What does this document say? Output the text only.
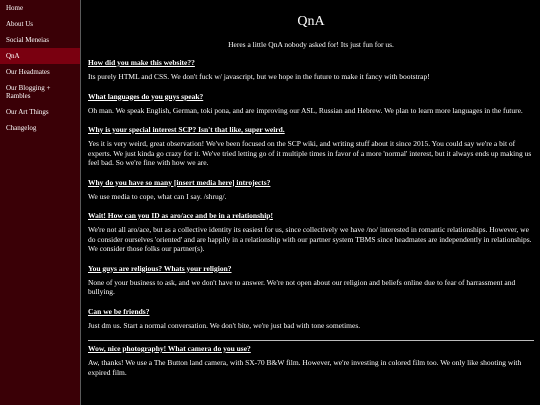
Home
About Us
Social Meneias
QnA
Our Headmates
Our Blogging + Rambles
Our Art Things
Changelog
QnA

Heres a little QnA nobody asked for! Its just fun for us.

How did you make this website??

Its purely HTML and CSS. We don't fuck w/ javascript, but we hope in the future to make it fancy with bootstrap!

What languages do you guys speak?

Oh man. We speak English, German, toki pona, and are improving our ASL, Russian and Hebrew. We plan to learn more languages in the future.

Why is your special interest SCP? Isn't that like, super weird.

Yes it is very weird, great observation! We've been focused on the SCP wiki, and writing stuff about it since 2015. You could say we're a bit of experts. We just kinda go crazy for it. We've tried letting go of it multiple times in favor of a more 'normal' interest, but it always ends up making us feel bad. So we're fine with how we are.

Why do you have so many [insert media here] introjects?

We use media to cope, what can I say. /shrug/.

Wait! How can you ID as aro/ace and be in a relationship!

We're not all aro/ace, but as a collective identity its easiest for us, since collectively we have /no/ interested in romantic relationships. However, we do consider ourselves 'oriented' and are happily in a relationship with our partner system TBMS since headmates are independently in relationships. We consider those folks our partner(s).

You guys are religious? Whats your religion?

None of your business to ask, and we don't have to answer. We're not open about our religion and beliefs online due to fear of harrassment and bullying.

Can we be friends?

Just dm us. Start a normal conversation. We don't bite, we're just bad with tone sometimes.

Wow, nice photography! What camera do you use?

Aw, thanks! We use a The Button land camera, with SX-70 B&W film. However, we're investing in colored film too. We only like shooting with expired film.
